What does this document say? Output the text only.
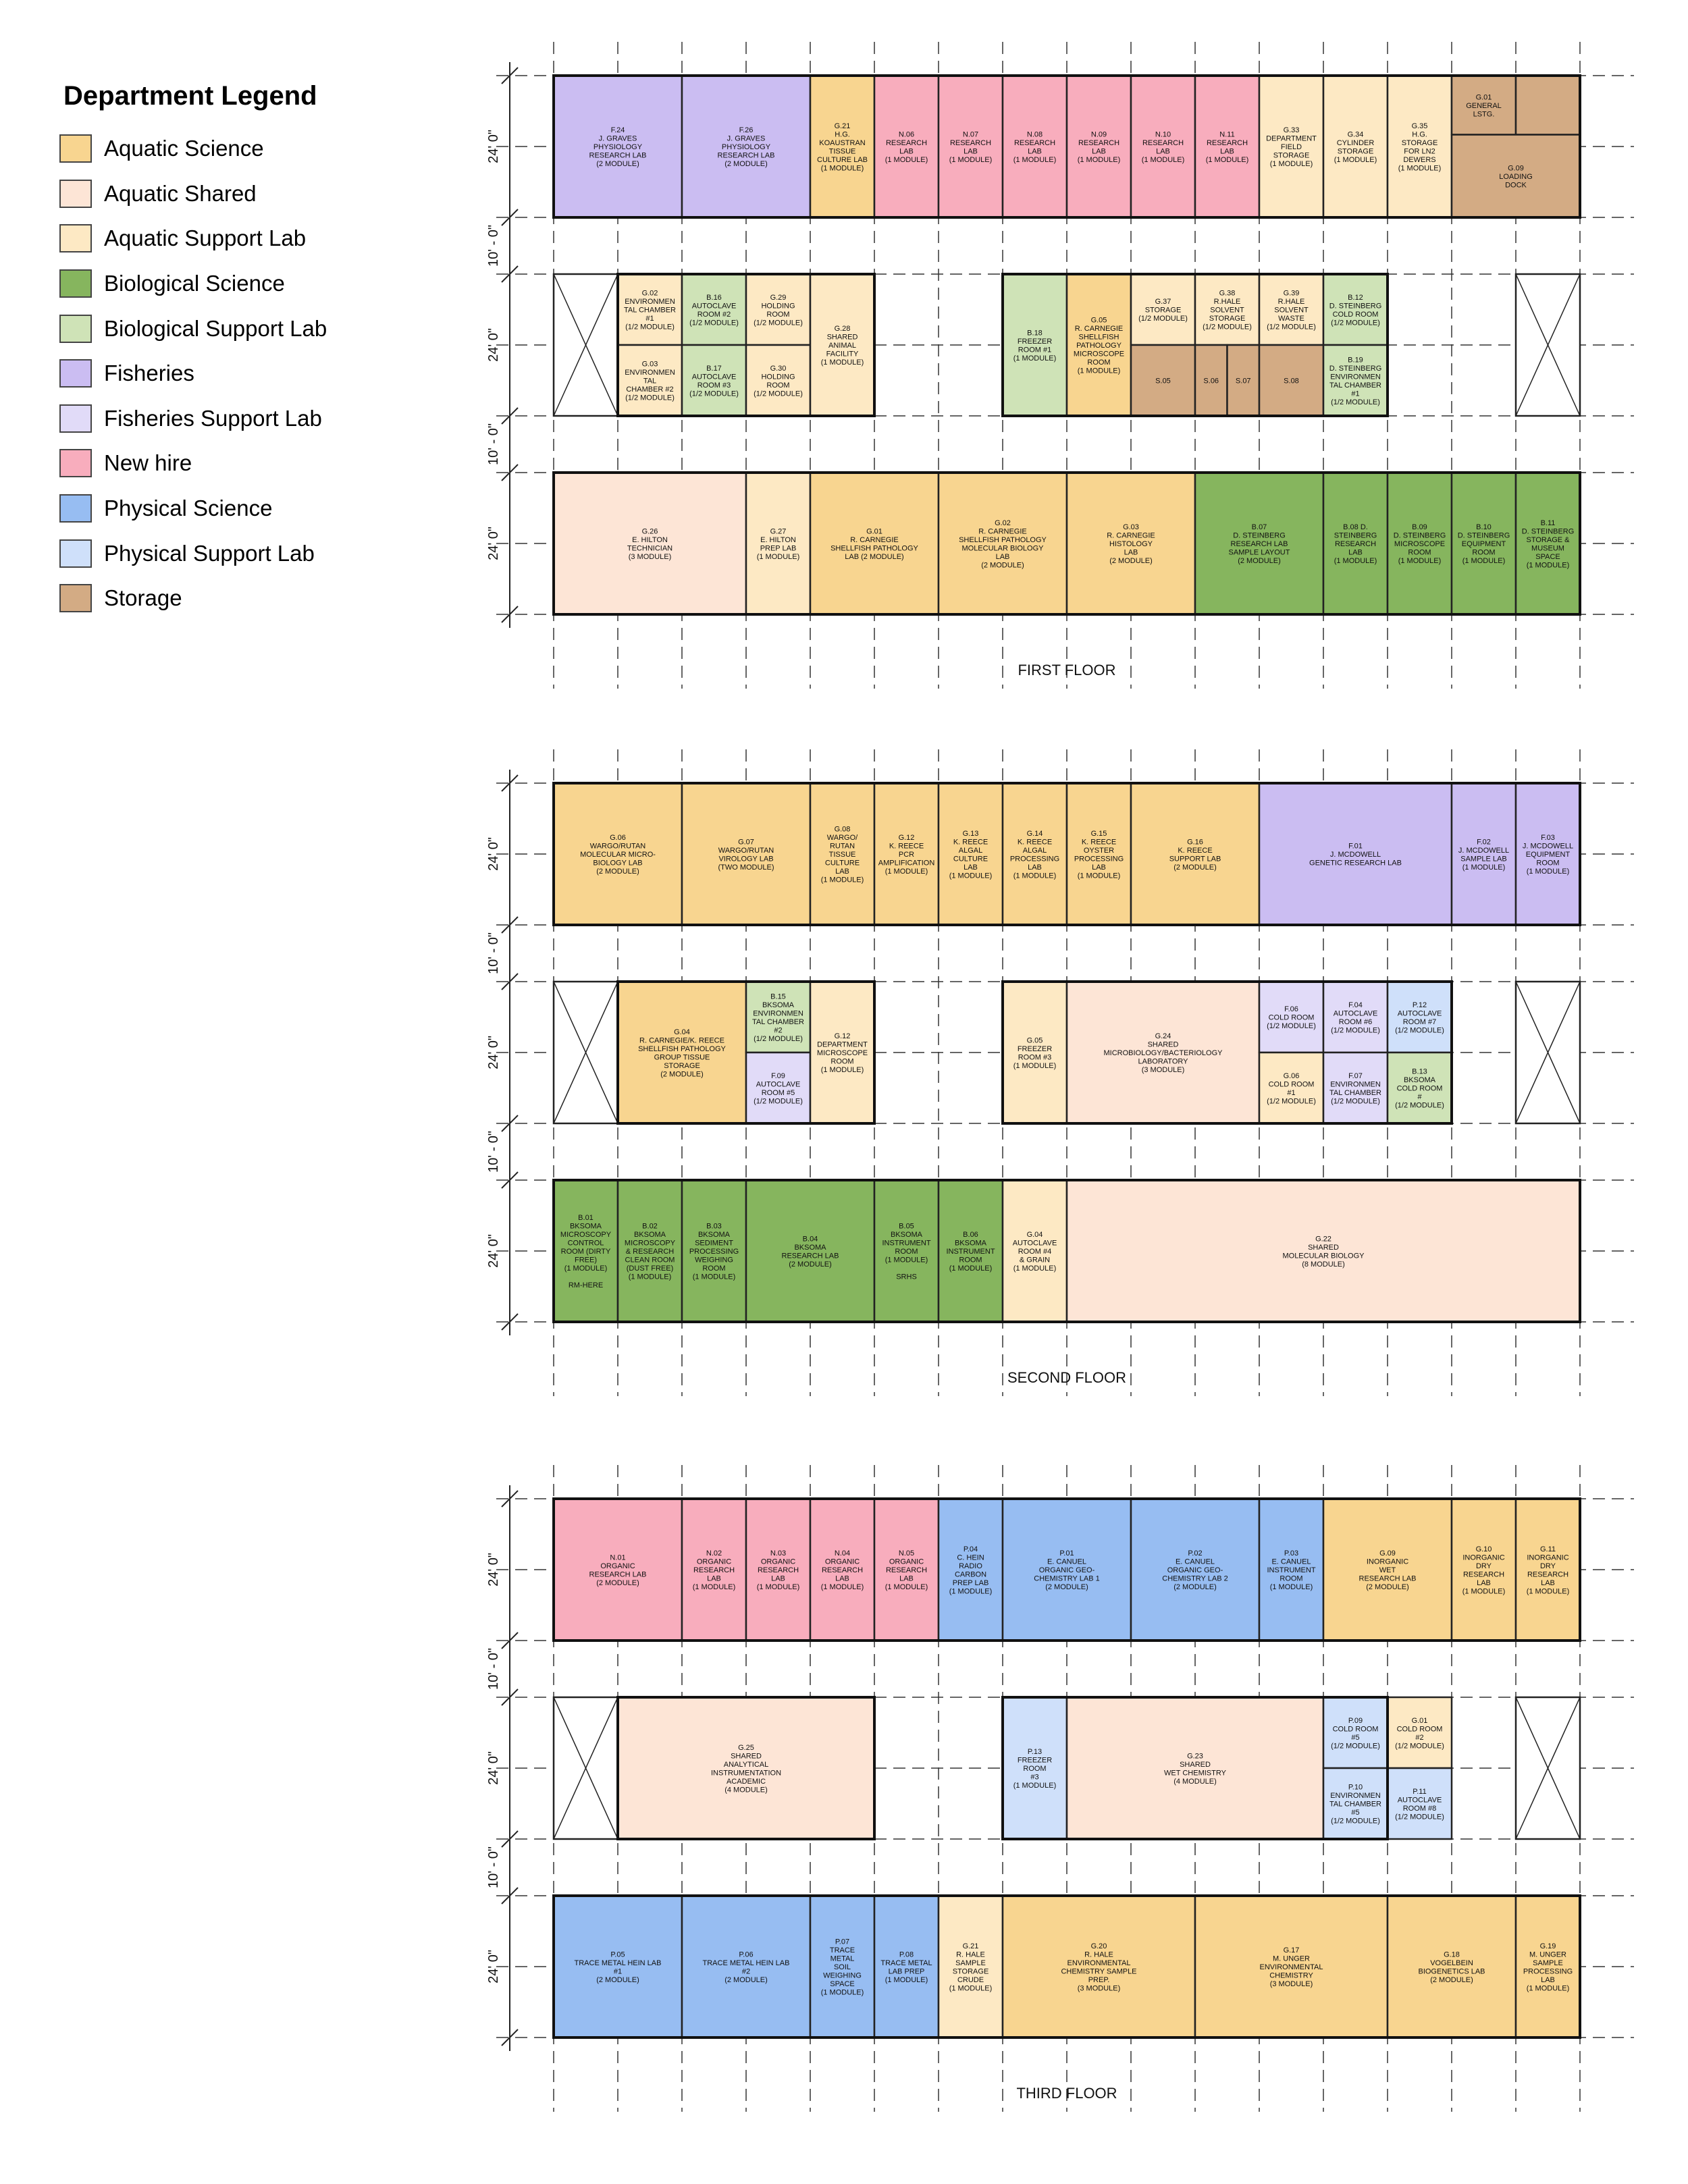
Department Legend
Aquatic Science
Aquatic Shared
Aquatic Support Lab
Biological Science
Biological Support Lab
Fisheries
Fisheries Support Lab
New hire
Physical Science
Physical Support Lab
Storage
24' 0"
24' 0"
24' 0"
10' - 0"
10' - 0"
F.24
J. GRAVES
PHYSIOLOGY
RESEARCH LAB
(2 MODULE)
F.26
J. GRAVES
PHYSIOLOGY
RESEARCH LAB
(2 MODULE)
G.21
H.G.
KOAUSTRAN
TISSUE
CULTURE LAB
(1 MODULE)
N.06
RESEARCH
LAB
(1 MODULE)
N.07
RESEARCH
LAB
(1 MODULE)
N.08
RESEARCH
LAB
(1 MODULE)
N.09
RESEARCH
LAB
(1 MODULE)
N.10
RESEARCH
LAB
(1 MODULE)
N.11
RESEARCH
LAB
(1 MODULE)
G.33
DEPARTMENT
FIELD
STORAGE
(1 MODULE)
G.34
CYLINDER
STORAGE
(1 MODULE)
G.35
H.G.
STORAGE
FOR LN2
DEWERS
(1 MODULE)
G.01
GENERAL
LSTG.
G.09
LOADING
DOCK
G.02
ENVIRONMEN
TAL CHAMBER
#1
(1/2 MODULE)
G.03
ENVIRONMEN
TAL
CHAMBER #2
(1/2 MODULE)
B.16
AUTOCLAVE
ROOM #2
(1/2 MODULE)
B.17
AUTOCLAVE
ROOM #3
(1/2 MODULE)
G.29
HOLDING
ROOM
(1/2 MODULE)
G.30
HOLDING
ROOM
(1/2 MODULE)
G.28
SHARED
ANIMAL
FACILITY
(1 MODULE)
B.18
FREEZER
ROOM #1
(1 MODULE)
G.05
R. CARNEGIE
SHELLFISH
PATHOLOGY
MICROSCOPE
ROOM
(1 MODULE)
G.37
STORAGE
(1/2 MODULE)
S.05
G.38
R.HALE
SOLVENT
STORAGE
(1/2 MODULE)
S.06 S.07
G.39
R.HALE
SOLVENT
WASTE
(1/2 MODULE)
S.08
B.12
D. STEINBERG
COLD ROOM
(1/2 MODULE)
B.19
D. STEINBERG
ENVIRONMEN
TAL CHAMBER
#1
(1/2 MODULE)
G.26
E. HILTON
TECHNICIAN
(3 MODULE)
G.27
E. HILTON
PREP LAB
(1 MODULE)
G.01
R. CARNEGIE
SHELLFISH PATHOLOGY
LAB (2 MODULE)
G.02
R. CARNEGIE
SHELLFISH PATHOLOGY
MOLECULAR BIOLOGY
LAB
(2 MODULE)
G.03
R. CARNEGIE
HISTOLOGY
LAB
(2 MODULE)
B.07
D. STEINBERG
RESEARCH LAB
SAMPLE LAYOUT
(2 MODULE)
B.08 D.
STEINBERG
RESEARCH
LAB
(1 MODULE)
B.09
D. STEINBERG
MICROSCOPE
ROOM
(1 MODULE)
B.10
D. STEINBERG
EQUIPMENT
ROOM
(1 MODULE)
B.11
D. STEINBERG
STORAGE &
MUSEUM
SPACE
(1 MODULE)
FIRST FLOOR
24' 0"
24' 0"
24' 0"
10' - 0"
10' - 0"
G.06
WARGO/RUTAN
MOLECULAR MICRO-
BIOLOGY LAB
(2 MODULE)
G.07
WARGO/RUTAN
VIROLOGY LAB
(TWO MODULE)
G.08
WARGO/
RUTAN
TISSUE
CULTURE
LAB
(1 MODULE)
G.12
K. REECE
PCR
AMPLIFICATION
(1 MODULE)
G.13
K. REECE
ALGAL
CULTURE
LAB
(1 MODULE)
G.14
K. REECE
ALGAL
PROCESSING
LAB
(1 MODULE)
G.15
K. REECE
OYSTER
PROCESSING
LAB
(1 MODULE)
G.16
K. REECE
SUPPORT LAB
(2 MODULE)
F.01
J. MCDOWELL
GENETIC RESEARCH LAB
F.02
J. MCDOWELL
SAMPLE LAB
(1 MODULE)
F.03
J. MCDOWELL
EQUIPMENT
ROOM
(1 MODULE)
G.04
R. CARNEGIE/K. REECE
SHELLFISH PATHOLOGY
GROUP TISSUE
STORAGE
(2 MODULE)
B.15
BKSOMA
ENVIRONMEN
TAL CHAMBER
#2
(1/2 MODULE)
F.09
AUTOCLAVE
ROOM #5
(1/2 MODULE)
G.12
DEPARTMENT
MICROSCOPE
ROOM
(1 MODULE)
G.05
FREEZER
ROOM #3
(1 MODULE)
G.24
SHARED
MICROBIOLOGY/BACTERIOLOGY
LABORATORY
(3 MODULE)
F.06
COLD ROOM
(1/2 MODULE)
G.06
COLD ROOM
#1
(1/2 MODULE)
F.04
AUTOCLAVE
ROOM #6
(1/2 MODULE)
F.07
ENVIRONMEN
TAL CHAMBER
(1/2 MODULE)
P.12
AUTOCLAVE
ROOM #7
(1/2 MODULE)
B.13
BKSOMA
COLD ROOM
#
(1/2 MODULE)
B.01
BKSOMA
MICROSCOPY
CONTROL
ROOM (DIRTY
FREE)
(1 MODULE)
RM-HERE
B.02
BKSOMA
MICROSCOPY
& RESEARCH
CLEAN ROOM
(DUST FREE)
(1 MODULE)
B.03
BKSOMA
SEDIMENT
PROCESSING
WEIGHING
ROOM
(1 MODULE)
B.04
BKSOMA
RESEARCH LAB
(2 MODULE)
B.05
BKSOMA
INSTRUMENT
ROOM
(1 MODULE)
SRHS
B.06
BKSOMA
INSTRUMENT
ROOM
(1 MODULE)
G.04
AUTOCLAVE
ROOM #4
& GRAIN
(1 MODULE)
G.22
SHARED
MOLECULAR BIOLOGY
(8 MODULE)
SECOND FLOOR
24' 0"
24' 0"
24' 0"
10' - 0"
10' - 0"
N.01
ORGANIC
RESEARCH LAB
(2 MODULE)
N.02
ORGANIC
RESEARCH
LAB
(1 MODULE)
N.03
ORGANIC
RESEARCH
LAB
(1 MODULE)
N.04
ORGANIC
RESEARCH
LAB
(1 MODULE)
N.05
ORGANIC
RESEARCH
LAB
(1 MODULE)
P.04
C. HEIN
RADIO
CARBON
PREP LAB
(1 MODULE)
P.01
E. CANUEL
ORGANIC GEO-
CHEMISTRY LAB 1
(2 MODULE)
P.02
E. CANUEL
ORGANIC GEO-
CHEMISTRY LAB 2
(2 MODULE)
P.03
E. CANUEL
INSTRUMENT
ROOM
(1 MODULE)
G.09
INORGANIC
WET
RESEARCH LAB
(2 MODULE)
G.10
INORGANIC
DRY
RESEARCH
LAB
(1 MODULE)
G.11
INORGANIC
DRY
RESEARCH
LAB
(1 MODULE)
G.25
SHARED
ANALYTICAL
INSTRUMENTATION
ACADEMIC
(4 MODULE)
P.13
FREEZER
ROOM
#3
(1 MODULE)
G.23
SHARED
WET CHEMISTRY
(4 MODULE)
P.09
COLD ROOM
#5
(1/2 MODULE)
P.10
ENVIRONMEN
TAL CHAMBER
#5
(1/2 MODULE)
G.01
COLD ROOM
#2
(1/2 MODULE)
P.11
AUTOCLAVE
ROOM #8
(1/2 MODULE)
P.05
TRACE METAL HEIN LAB
#1
(2 MODULE)
P.06
TRACE METAL HEIN LAB
#2
(2 MODULE)
P.07
TRACE
METAL
SOIL
WEIGHING
SPACE
(1 MODULE)
P.08
TRACE METAL
LAB PREP
(1 MODULE)
G.21
R. HALE
SAMPLE
STORAGE
CRUDE
(1 MODULE)
G.20
R. HALE
ENVIRONMENTAL
CHEMISTRY SAMPLE
PREP.
(3 MODULE)
G.17
M. UNGER
ENVIRONMENTAL
CHEMISTRY
(3 MODULE)
G.18
VOGELBEIN
BIOGENETICS LAB
(2 MODULE)
G.19
M. UNGER
SAMPLE
PROCESSING
LAB
(1 MODULE)
THIRD FLOOR
